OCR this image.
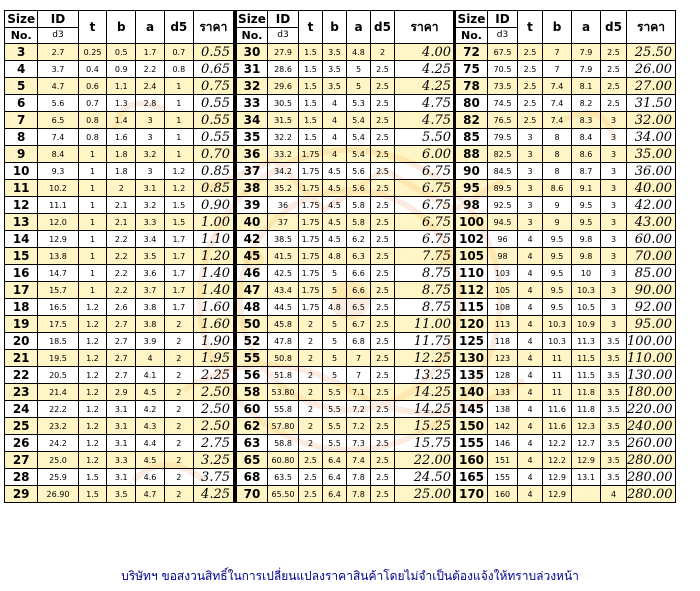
Size	ID	t	b	a	d5	ราคา
No.	d3					
3	2.7	0.25	0.5	1.7	0.7	0.55
4	3.7	0.4	0.9	2.2	0.8	0.65
5	4.7	0.6	1.1	2.4	1	0.75
6	5.6	0.7	1.3	2.8	1	0.55
7	6.5	0.8	1.4	3	1	0.55
8	7.4	0.8	1.6	3	1	0.55
9	8.4	1	1.8	3.2	1	0.70
10	9.3	1	1.8	3	1.2	0.85
11	10.2	1	2	3.1	1.2	0.85
12	11.1	1	2.1	3.2	1.5	0.90
13	12.0	1	2.1	3.3	1.5	1.00
14	12.9	1	2.2	3.4	1.7	1.10
15	13.8	1	2.2	3.5	1.7	1.20
16	14.7	1	2.2	3.6	1.7	1.40
17	15.7	1	2.2	3.7	1.7	1.40
18	16.5	1.2	2.6	3.8	1.7	1.60
19	17.5	1.2	2.7	3.8	2	1.60
20	18.5	1.2	2.7	3.9	2	1.90
21	19.5	1.2	2.7	4	2	1.95
22	20.5	1.2	2.7	4.1	2	2.25
23	21.4	1.2	2.9	4.5	2	2.50
24	22.2	1.2	3.1	4.2	2	2.50
25	23.2	1.2	3.1	4.3	2	2.50
26	24.2	1.2	3.1	4.4	2	2.75
27	25.0	1.2	3.3	4.5	2	3.25
28	25.9	1.5	3.1	4.6	2	3.75
29	26.90	1.5	3.5	4.7	2	4.25
Size	ID	t	b	a	d5	ราคา
No.	d3					
30	27.9	1.5	3.5	4.8	2	4.00
31	28.6	1.5	3.5	5	2.5	4.25
32	29.6	1.5	3.5	5	2.5	4.25
33	30.5	1.5	4	5.3	2.5	4.75
34	31.5	1.5	4	5.4	2.5	4.75
35	32.2	1.5	4	5.4	2.5	5.50
36	33.2	1.75	4	5.4	2.5	6.00
37	34.2	1.75	4.5	5.6	2.5	6.75
38	35.2	1.75	4.5	5.6	2.5	6.75
39	36	1.75	4.5	5.8	2.5	6.75
40	37	1.75	4.5	5.8	2.5	6.75
42	38.5	1.75	4.5	6.2	2.5	6.75
45	41.5	1.75	4.8	6.3	2.5	7.75
46	42.5	1.75	5	6.6	2.5	8.75
47	43.4	1.75	5	6.6	2.5	8.75
48	44.5	1.75	4.8	6.5	2.5	8.75
50	45.8	2	5	6.7	2.5	11.00
52	47.8	2	5	6.8	2.5	11.75
55	50.8	2	5	7	2.5	12.25
56	51.8	2	5	7	2.5	13.25
58	53.80	2	5.5	7.1	2.5	14.25
60	55.8	2	5.5	7.2	2.5	14.25
62	57.80	2	5.5	7.2	2.5	15.25
63	58.8	2	5.5	7.3	2.5	15.75
65	60.80	2.5	6.4	7.4	2.5	22.00
68	63.5	2.5	6.4	7.8	2.5	24.50
70	65.50	2.5	6.4	7.8	2.5	25.00
Size	ID	t	b	a	d5	ราคา
No.	d3					
72	67.5	2.5	7	7.9	2.5	25.50
75	70.5	2.5	7	7.9	2.5	26.00
78	73.5	2.5	7.4	8.1	2.5	27.00
80	74.5	2.5	7.4	8.2	2.5	31.50
82	76.5	2.5	7.4	8.3	3	32.00
85	79.5	3	8	8.4	3	34.00
88	82.5	3	8	8.6	3	35.00
90	84.5	3	8	8.7	3	36.00
95	89.5	3	8.6	9.1	3	40.00
98	92.5	3	9	9.5	3	42.00
100	94.5	3	9	9.5	3	43.00
102	96	4	9.5	9.8	3	60.00
105	98	4	9.5	9.8	3	70.00
110	103	4	9.5	10	3	85.00
112	105	4	9.5	10.3	3	90.00
115	108	4	9.5	10.5	3	92.00
120	113	4	10.3	10.9	3	95.00
125	118	4	10.3	11.3	3.5	100.00
130	123	4	11	11.5	3.5	110.00
135	128	4	11	11.5	3.5	130.00
140	133	4	11	11.8	3.5	180.00
145	138	4	11.6	11.8	3.5	220.00
150	142	4	11.6	12.3	3.5	240.00
155	146	4	12.2	12.7	3.5	260.00
160	151	4	12.2	12.9	3.5	280.00
165	155	4	12.9	13.1	3.5	280.00
170	160	4	12.9		4	280.00
บริษัทฯ ขอสงวนสิทธิ์ในการเปลี่ยนแปลงราคาสินค้าโดยไม่จำเป็นต้องแจ้งให้ทราบล่วงหน้า
